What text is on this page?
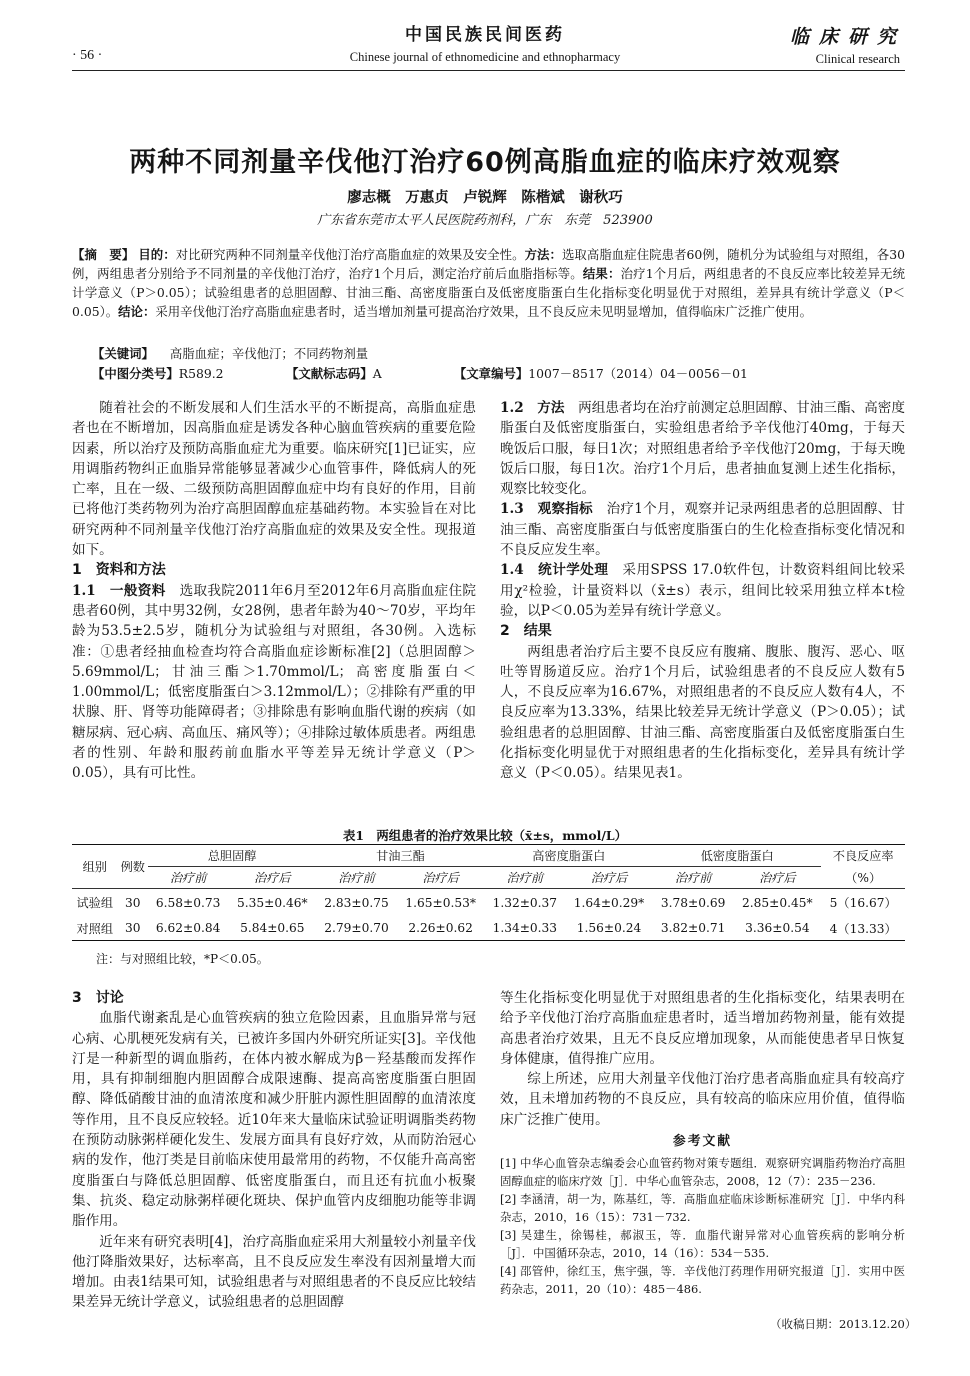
中国民族民间医药
· 56 ·	Chinese journal of ethnomedicine and ethnopharmacy
临床研究
Clinical research
两种不同剂量辛伐他汀治疗60例高脂血症的临床疗效观察
廖志概　万惠贞　卢锐辉　陈楷斌　谢秋巧
广东省东莞市太平人民医院药剂科，广东　东莞　523900
【摘　要】 目的：对比研究两种不同剂量辛伐他汀治疗高脂血症的效果及安全性。方法：选取高脂血症住院患者60例，随机分为试验组与对照组，各30例，两组患者分别给予不同剂量的辛伐他汀治疗，治疗1个月后，测定治疗前后血脂指标等。结果：治疗1个月后，两组患者的不良反应率比较差异无统计学意义（P＞0.05）；试验组患者的总胆固醇、甘油三酯、高密度脂蛋白及低密度脂蛋白生化指标变化明显优于对照组，差异具有统计学意义（P＜0.05）。结论：采用辛伐他汀治疗高脂血症患者时，适当增加剂量可提高治疗效果，且不良反应未见明显增加，值得临床广泛推广使用。
【关键词】 高脂血症；辛伐他汀；不同药物剂量
【中图分类号】R589.2	【文献标志码】A	【文章编号】1007－8517（2014）04－0056－01

随着社会的不断发展和人们生活水平的不断提高，高脂血症患者也在不断增加，因高脂血症是诱发各种心脑血管疾病的重要危险因素，所以治疗及预防高脂血症尤为重要。临床研究[1]已证实，应用调脂药物纠正血脂异常能够显著减少心血管事件，降低病人的死亡率，且在一级、二级预防高胆固醇血症中均有良好的作用，目前已将他汀类药物列为治疗高胆固醇血症基础药物。本实验旨在对比研究两种不同剂量辛伐他汀治疗高脂血症的效果及安全性。现报道如下。

1　资料和方法

1.1　一般资料　 选取我院2011年6月至2012年6月高脂血症住院患者60例，其中男32例，女28例，患者年龄为40～70岁，平均年龄为53.5±2.5岁，随机分为试验组与对照组，各30例。入选标准：①患者经抽血检查均符合高脂血症诊断标准[2]（总胆固醇＞5.69mmol/L；甘油三酯＞1.70mmol/L；高密度脂蛋白＜1.00mmol/L；低密度脂蛋白＞3.12mmol/L）；②排除有严重的甲状腺、肝、肾等功能障碍者；③排除患有影响血脂代谢的疾病（如糖尿病、冠心病、高血压、痛风等）；④排除过敏体质患者。两组患者的性别、年龄和服药前血脂水平等差异无统计学意义（P＞0.05），具有可比性。

1.2　方法　 两组患者均在治疗前测定总胆固醇、甘油三酯、高密度脂蛋白及低密度脂蛋白，实验组患者给予辛伐他汀40mg，于每天晚饭后口服，每日1次；对照组患者给予辛伐他汀20mg，于每天晚饭后口服，每日1次。治疗1个月后，患者抽血复测上述生化指标，观察比较变化。

1.3　观察指标　 治疗1个月，观察并记录两组患者的总胆固醇、甘油三酯、高密度脂蛋白与低密度脂蛋白的生化检查指标变化情况和不良反应发生率。

1.4　统计学处理　 采用SPSS 17.0软件包，计数资料组间比较采用χ²检验，计量资料以（x̄±s）表示，组间比较采用独立样本t检验，以P＜0.05为差异有统计学意义。

2　结果

两组患者治疗后主要不良反应有腹痛、腹胀、腹泻、恶心、呕吐等胃肠道反应。治疗1个月后，试验组患者的不良反应人数有5人，不良反应率为16.67%，对照组患者的不良反应人数有4人，不良反应率为13.33%，结果比较差异无统计学意义（P＞0.05）；试验组患者的总胆固醇、甘油三酯、高密度脂蛋白及低密度脂蛋白生化指标变化明显优于对照组患者的生化指标变化，差异具有统计学意义（P＜0.05）。结果见表1。

表1　两组患者的治疗效果比较（x̄±s，mmol/L）
组别	例数	总胆固醇		甘油三酯		高密度脂蛋白		低密度脂蛋白		不良反应率
		治疗前	治疗后	治疗前	治疗后	治疗前	治疗后	治疗前	治疗后	（%）
试验组	30	6.58±0.73	5.35±0.46*	2.83±0.75	1.65±0.53*	1.32±0.37	1.64±0.29*	3.78±0.69	2.85±0.45*	5（16.67）
对照组	30	6.62±0.84	5.84±0.65	2.79±0.70	2.26±0.62	1.34±0.33	1.56±0.24	3.82±0.71	3.36±0.54	4（13.33）
注：与对照组比较，*P＜0.05。
3　讨论

血脂代谢紊乱是心血管疾病的独立危险因素，且血脂异常与冠心病、心肌梗死发病有关，已被许多国内外研究所证实[3]。辛伐他汀是一种新型的调血脂药，在体内被水解成为β－羟基酸而发挥作用，具有抑制细胞内胆固醇合成限速酶、提高高密度脂蛋白胆固醇、降低硝酸甘油的血清浓度和减少肝脏内源性胆固醇的血清浓度等作用，且不良反应较轻。近10年来大量临床试验证明调脂类药物在预防动脉粥样硬化发生、发展方面具有良好疗效，从而防治冠心病的发作，他汀类是目前临床使用最常用的药物，不仅能升高高密度脂蛋白与降低总胆固醇、低密度脂蛋白，而且还有抗血小板聚集、抗炎、稳定动脉粥样硬化斑块、保护血管内皮细胞功能等非调脂作用。

近年来有研究表明[4]，治疗高脂血症采用大剂量较小剂量辛伐他汀降脂效果好，达标率高，且不良反应发生率没有因剂量增大而增加。由表1结果可知，试验组患者与对照组患者的不良反应比较结果差异无统计学意义，试验组患者的总胆固醇

等生化指标变化明显优于对照组患者的生化指标变化，结果表明在给予辛伐他汀治疗高脂血症患者时，适当增加药物剂量，能有效提高患者治疗效果，且无不良反应增加现象，从而能使患者早日恢复身体健康，值得推广应用。

综上所述，应用大剂量辛伐他汀治疗患者高脂血症具有较高疗效，且未增加药物的不良反应，具有较高的临床应用价值，值得临床广泛推广使用。

参考文献

[1] 中华心血管杂志编委会心血管药物对策专题组．观察研究调脂药物治疗高胆固醇血症的临床疗效［J］．中华心血管杂志，2008，12（7）：235－236.

[2] 李涵清，胡一为，陈基红，等．高脂血症临床诊断标准研究［J］．中华内科杂志，2010，16（15）：731－732.

[3] 吴建生，徐锡桂，郝淑玉，等．血脂代谢异常对心血管疾病的影响分析［J］．中国循环杂志，2010，14（16）：534－535.

[4] 邵管仲，徐红玉，焦宇强，等．辛伐他汀药理作用研究报道［J］．实用中医药杂志，2011，20（10）：485－486.

（收稿日期：2013.12.20）
